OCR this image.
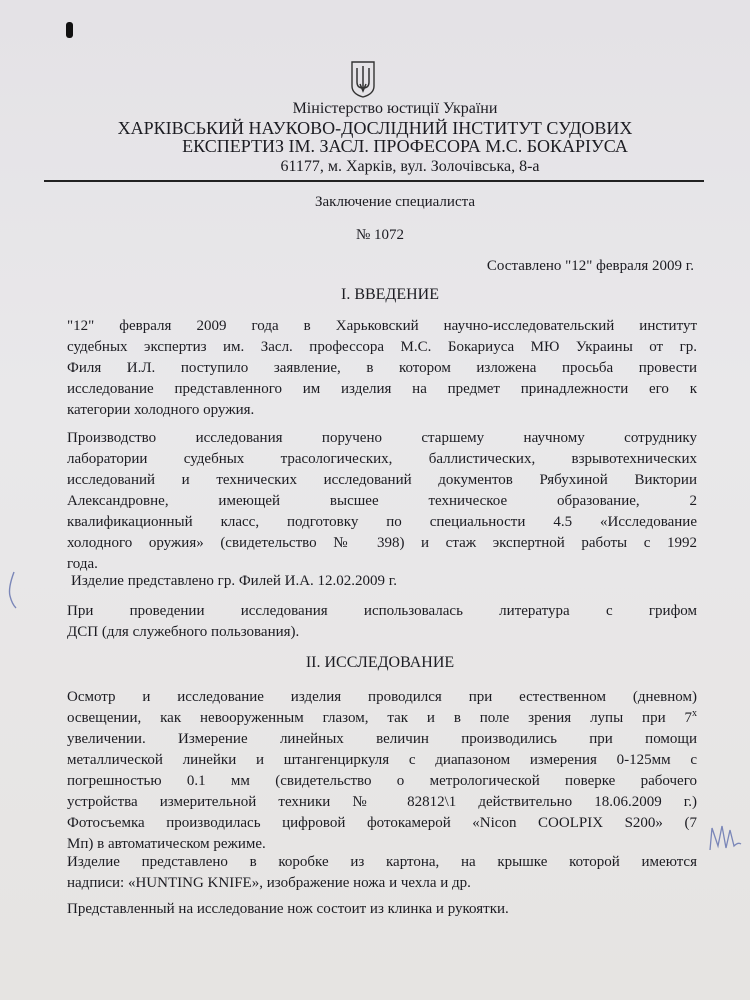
Міністерство юстиції України
ХАРКІВСЬКИЙ НАУКОВО-ДОСЛІДНИЙ ІНСТИТУТ СУДОВИХ
ЕКСПЕРТИЗ ІМ. ЗАСЛ. ПРОФЕСОРА М.С. БОКАРІУСА
61177, м. Харків, вул. Золочівська, 8-а
Заключение специалиста
№ 1072
Составлено "12" февраля 2009 г.
I. ВВЕДЕНИЕ
"12" февраля 2009 года в Харьковский научно-исследовательский институт
судебных экспертиз им. Засл. профессора М.С. Бокариуса МЮ Украины от гр.
Филя И.Л. поступило заявление, в котором изложена просьба провести
исследование представленного им изделия на предмет принадлежности его к
категории холодного оружия.
Производство исследования поручено старшему научному сотруднику
лаборатории судебных трасологических, баллистических, взрывотехнических
исследований и технических исследований документов Рябухиной Виктории
Александровне, имеющей высшее техническое образование, 2
квалификационный класс, подготовку по специальности 4.5 «Исследование
холодного оружия» (свидетельство № 398) и стаж экспертной работы с 1992
года.
Изделие представлено гр. Филей И.А. 12.02.2009 г.
При проведении исследования использовалась литература с грифом
ДСП (для служебного пользования).
II. ИССЛЕДОВАНИЕ
Осмотр и исследование изделия проводился при естественном (дневном)
освещении, как невооруженным глазом, так и в поле зрения лупы при $7^х$
увеличении. Измерение линейных величин производились при помощи
металлической линейки и штангенциркуля с диапазоном измерения 0-125мм с
погрешностью 0.1 мм (свидетельство о метрологической поверке рабочего
устройства измерительной техники № 82812\1 действительно 18.06.2009 г.)
Фотосъемка производилась цифровой фотокамерой «Nicon COOLPIX S200» (7
Мп) в автоматическом режиме.
Изделие представлено в коробке из картона, на крышке которой имеются
надписи: «HUNTING KNIFE», изображение ножа и чехла и др.
Представленный на исследование нож состоит из клинка и рукоятки.
